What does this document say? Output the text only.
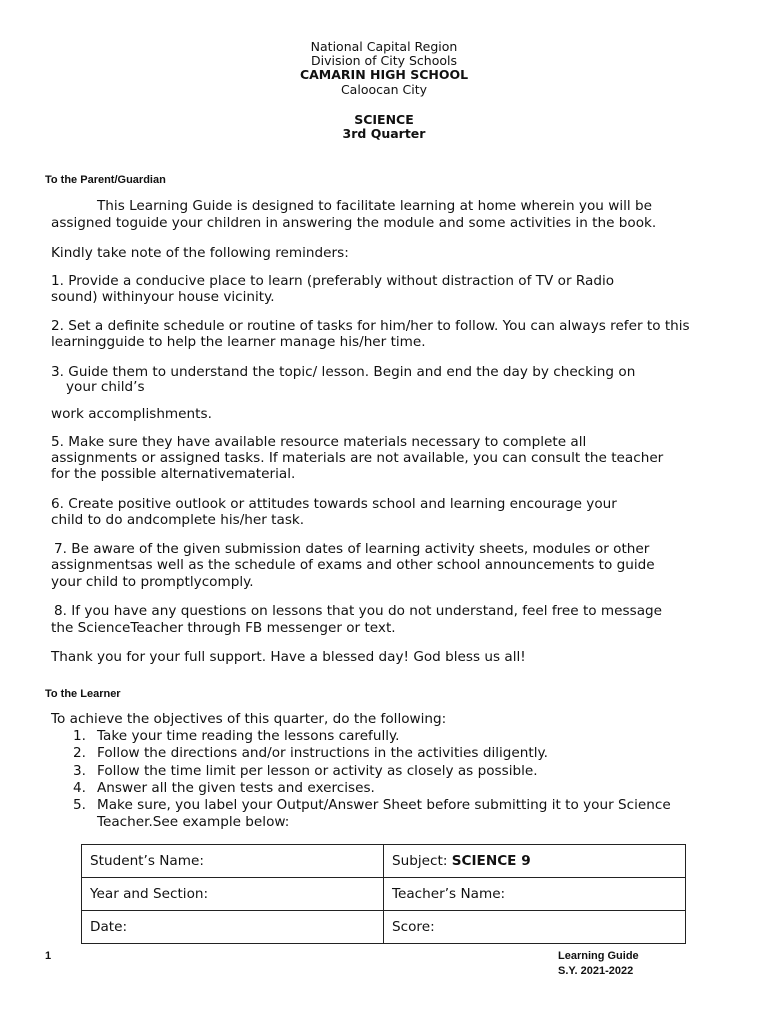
National Capital Region
Division of City Schools
CAMARIN HIGH SCHOOL
Caloocan City
SCIENCE
3rd Quarter
To the Parent/Guardian
This Learning Guide is designed to facilitate learning at home wherein you will be
assigned toguide your children in answering the module and some activities in the book.
Kindly take note of the following reminders:
1. Provide a conducive place to learn (preferably without distraction of TV or Radio
sound) withinyour house vicinity.
2. Set a definite schedule or routine of tasks for him/her to follow. You can always refer to this
learningguide to help the learner manage his/her time.
3. Guide them to understand the topic/ lesson. Begin and end the day by checking on
your child’s
work accomplishments.
5. Make sure they have available resource materials necessary to complete all
assignments or assigned tasks. If materials are not available, you can consult the teacher
for the possible alternativematerial.
6. Create positive outlook or attitudes towards school and learning encourage your
child to do andcomplete his/her task.
7. Be aware of the given submission dates of learning activity sheets, modules or other
assignmentsas well as the schedule of exams and other school announcements to guide
your child to promptlycomply.
8. If you have any questions on lessons that you do not understand, feel free to message
the ScienceTeacher through FB messenger or text.
Thank you for your full support. Have a blessed day! God bless us all!
To the Learner
To achieve the objectives of this quarter, do the following:
1. Take your time reading the lessons carefully.
2. Follow the directions and/or instructions in the activities diligently.
3. Follow the time limit per lesson or activity as closely as possible.
4. Answer all the given tests and exercises.
5. Make sure, you label your Output/Answer Sheet before submitting it to your Science
Teacher.See example below:
Student’s Name:	Subject: SCIENCE 9
Year and Section:	Teacher’s Name:
Date:	Score:
1	Learning Guide
S.Y. 2021-2022
